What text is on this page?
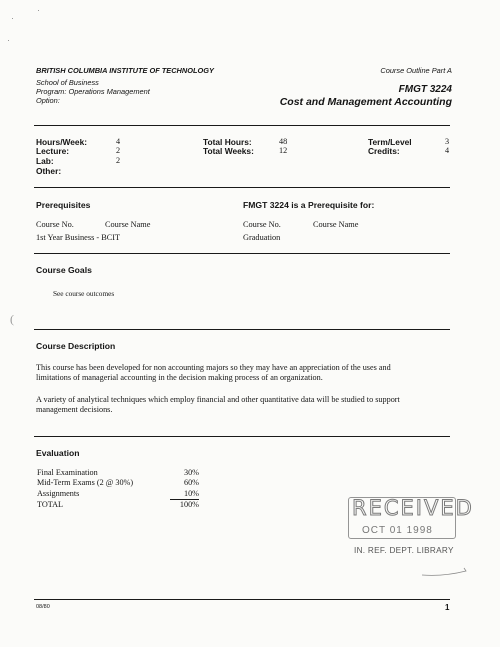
BRITISH COLUMBIA INSTITUTE OF TECHNOLOGY
School of Business
Program: Operations Management
Option:
Course Outline Part A
FMGT 3224
Cost and Management Accounting
Hours/Week:	4
Lecture:	2
Lab:	2
Other:
Total Hours:	48
Total Weeks:	12
Term/Level	3
Credits:	4
Prerequisites	FMGT 3224 is a Prerequisite for:
Course No.	Course Name	Course No.	Course Name
1st Year Business - BCIT	Graduation
Course Goals
See course outcomes
Course Description
This course has been developed for non accounting majors so they may have an appreciation of the uses and limitations of managerial accounting in the decision making process of an organization.
A variety of analytical techniques which employ financial and other quantitative data will be studied to support management decisions.
Evaluation
Final Examination	30%
Mid-Term Exams (2 @ 30%)	60%
Assignments	10%
TOTAL	100%	RECEIVED
OCT 01 1998
IN. REF. DEPT. LIBRARY
08/80	1
(
